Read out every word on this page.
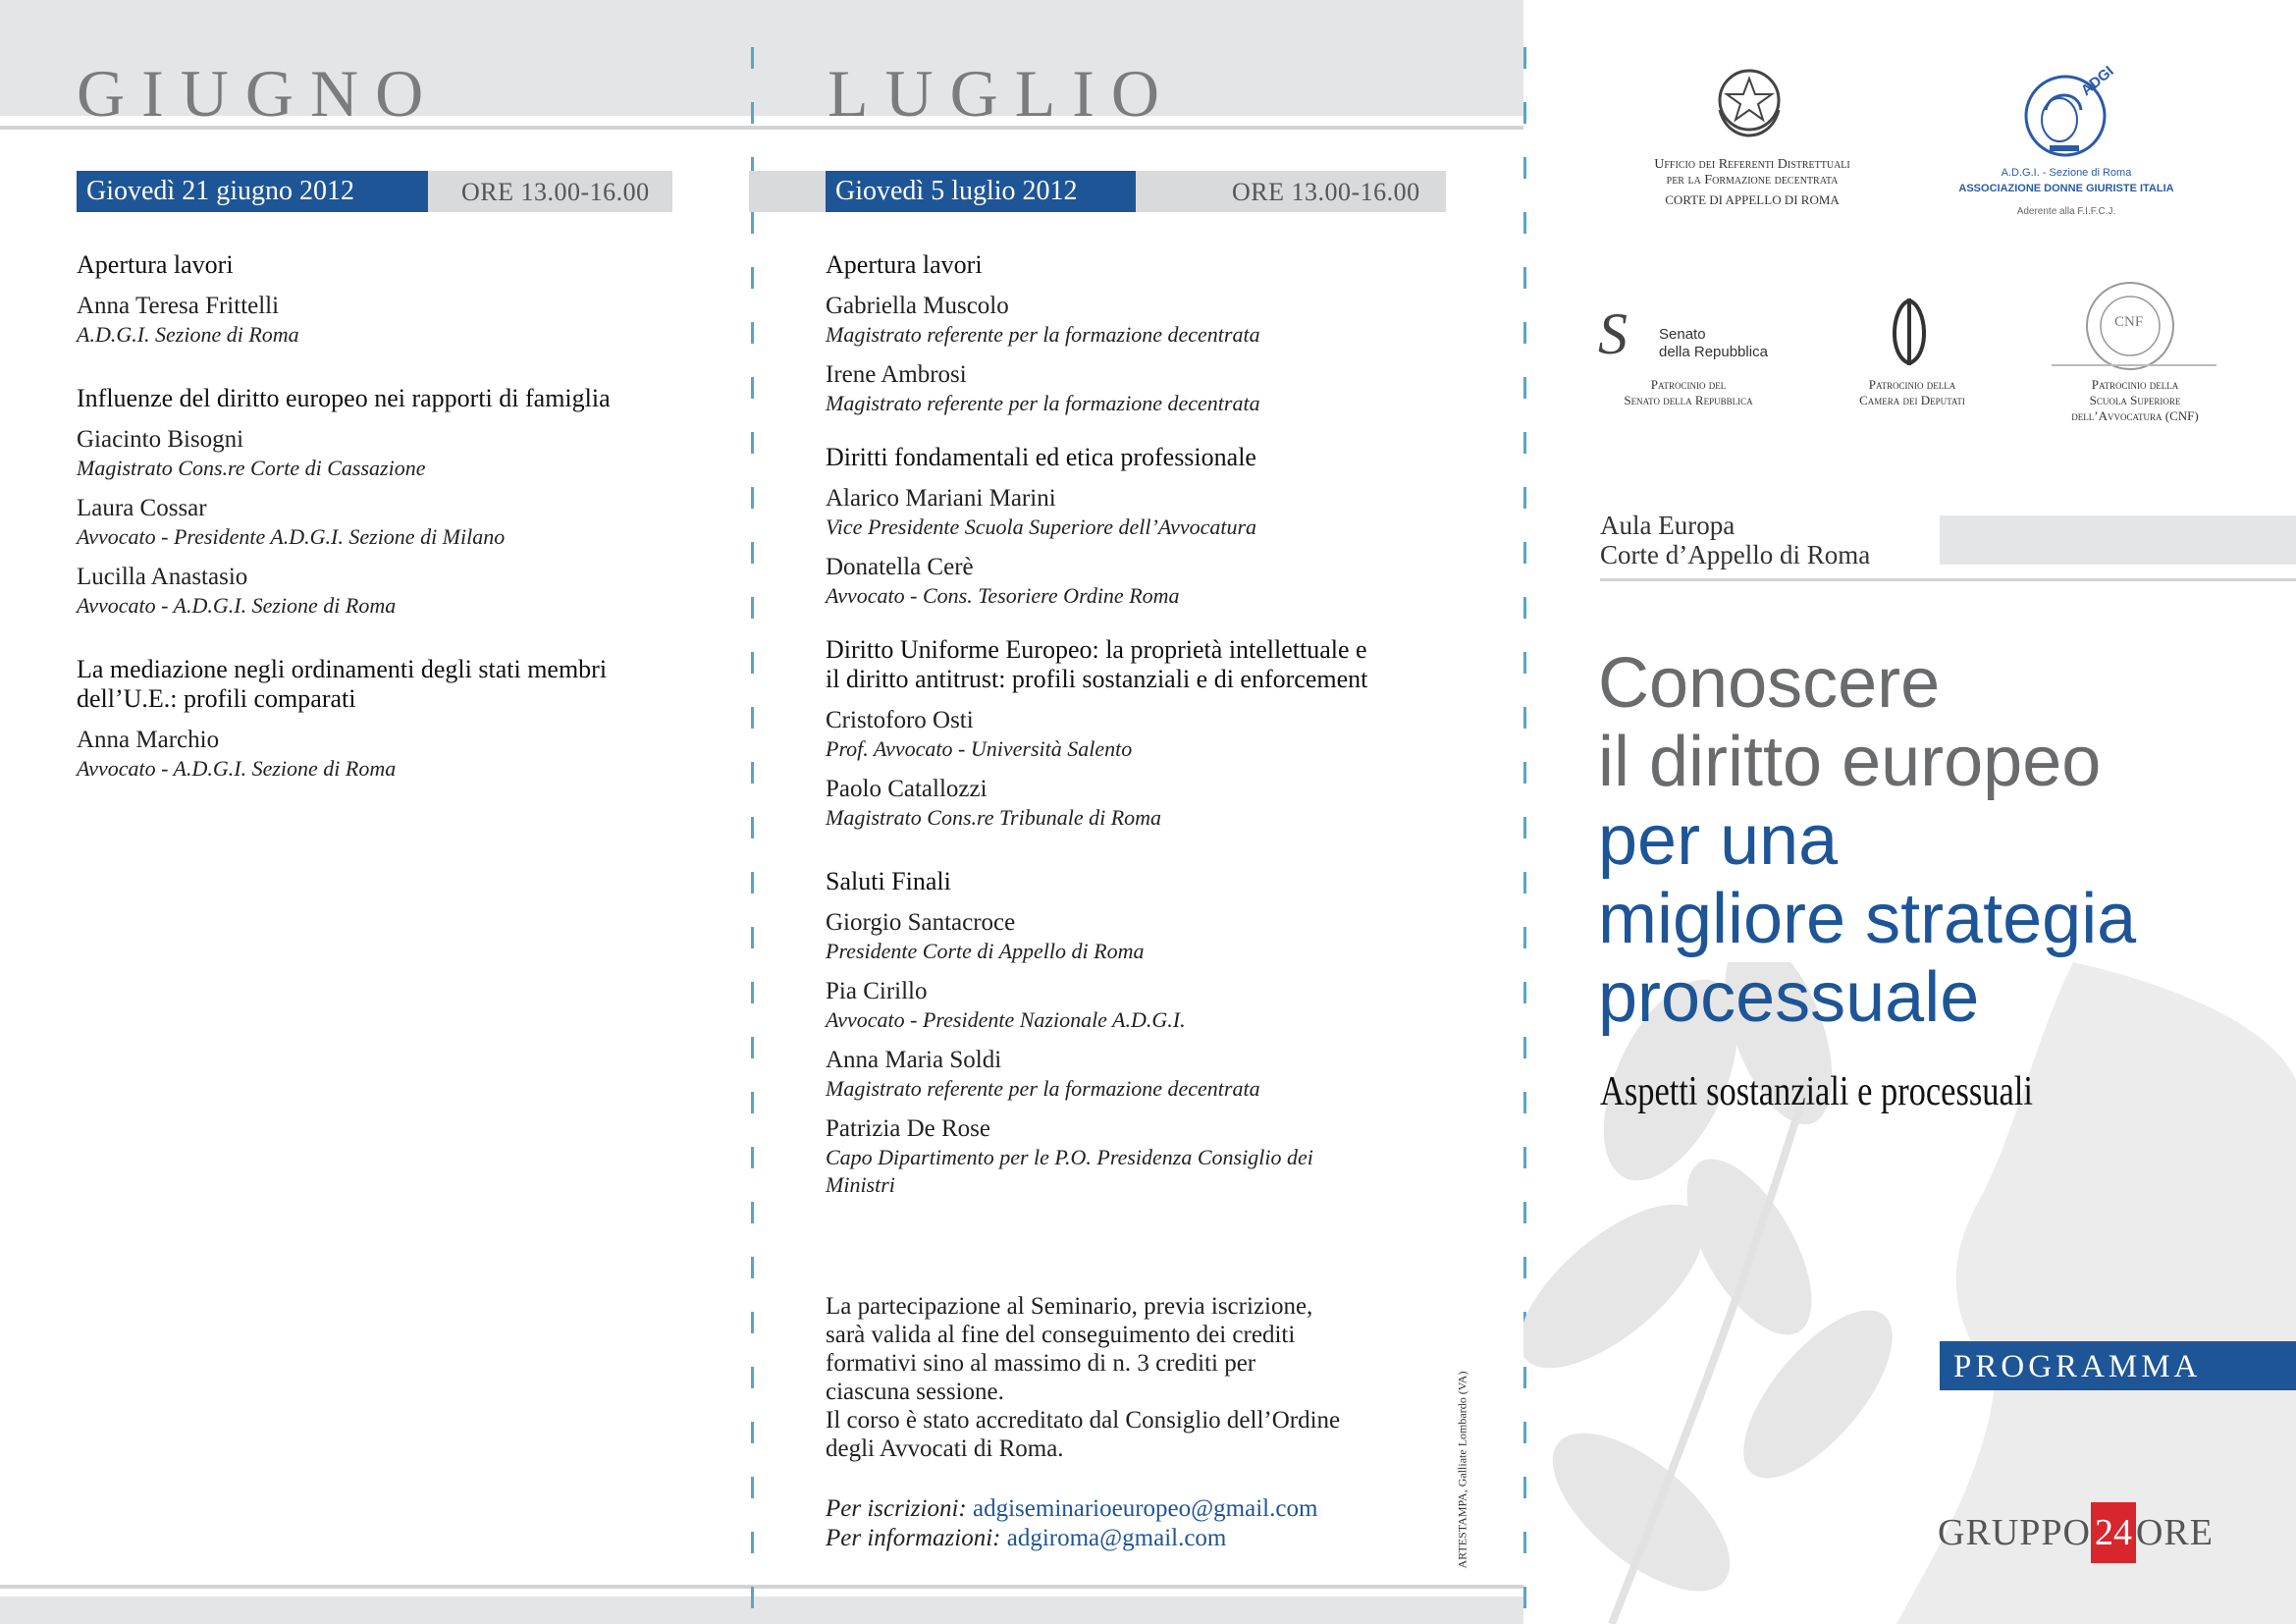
GIUGNO	LUGLIO
Giovedì 21 giugno 2012	ORE 13.00-16.00	Giovedì 5 luglio 2012	ORE 13.00-16.00

Apertura lavori

Anna Teresa Frittelli

A.D.G.I. Sezione di Roma

Influenze del diritto europeo nei rapporti di famiglia

Giacinto Bisogni

Magistrato Cons.re Corte di Cassazione

Laura Cossar

Avvocato - Presidente A.D.G.I. Sezione di Milano

Lucilla Anastasio

Avvocato - A.D.G.I. Sezione di Roma

La mediazione negli ordinamenti degli stati membri dell’U.E.: profili comparati

Anna Marchio

Avvocato - A.D.G.I. Sezione di Roma

Apertura lavori

Gabriella Muscolo

Magistrato referente per la formazione decentrata

Irene Ambrosi

Magistrato referente per la formazione decentrata

Diritti fondamentali ed etica professionale

Alarico Mariani Marini

Vice Presidente Scuola Superiore dell’Avvocatura

Donatella Cerè

Avvocato - Cons. Tesoriere Ordine Roma

Diritto Uniforme Europeo: la proprietà intellettuale e il diritto antitrust: profili sostanziali e di enforcement

Cristoforo Osti

Prof. Avvocato - Università Salento

Paolo Catallozzi

Magistrato Cons.re Tribunale di Roma

Saluti Finali

Giorgio Santacroce

Presidente Corte di Appello di Roma

Pia Cirillo

Avvocato - Presidente Nazionale A.D.G.I.

Anna Maria Soldi

Magistrato referente per la formazione decentrata

Patrizia De Rose

Capo Dipartimento per le P.O. Presidenza Consiglio dei Ministri

La partecipazione al Seminario, previa iscrizione,

sarà valida al fine del conseguimento dei crediti

formativi sino al massimo di n. 3 crediti per

ciascuna sessione.

Il corso è stato accreditato dal Consiglio dell’Ordine

degli Avvocati di Roma.

Per iscrizioni: adgiseminarioeuropeo@gmail.com

Per informazioni: adgiroma@gmail.com	ARTESTAMPA, Galliate Lombardo (VA)
Ufficio dei Referenti Distrettuali
per la Formazione decentrata
CORTE DI APPELLO DI ROMA
ADGI
A.D.G.I. - Sezione di Roma
ASSOCIAZIONE DONNE GIURISTE ITALIA
Aderente alla F.I.F.C.J.
S Senato
della Repubblica
CNF
Patrocinio del
Senato della Repubblica
Patrocinio della
Camera dei Deputati
Patrocinio della
Scuola Superiore
dell’Avvocatura (CNF)
Aula Europa
Corte d’Appello di Roma
Conoscere
il diritto europeo
per una
migliore strategia
processuale
Aspetti sostanziali e processuali
PROGRAMMA
GRUPPO 24 ORE
